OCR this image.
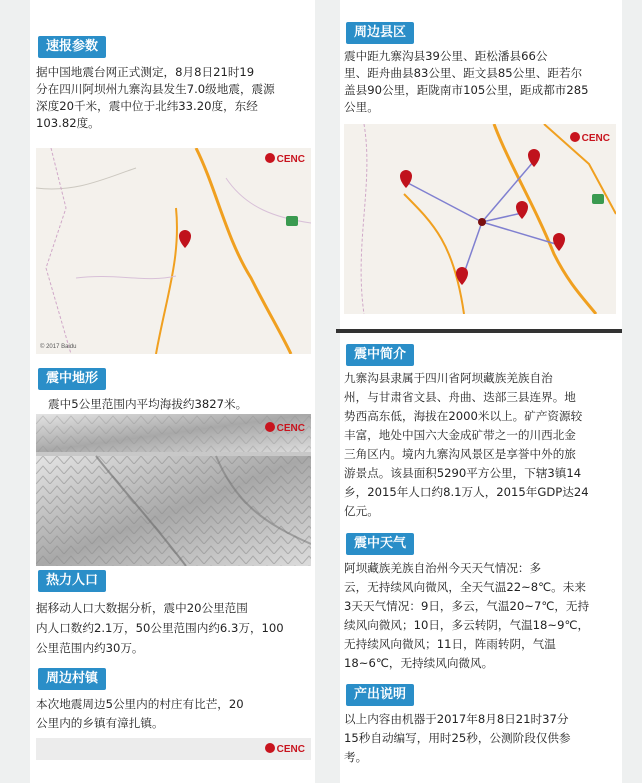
速报参数

据中国地震台网正式测定，8月8日21时19

分在四川阿坝州九寨沟县发生7.0级地震，震源

深度20千米，震中位于北纬33.20度，东经

103.82度。

CENC
© 2017 Baidu
震中地形

震中5公里范围内平均海拔约3827米。

CENC
热力人口

据移动人口大数据分析，震中20公里范围

内人口数约2.1万，50公里范围内约6.3万，100

公里范围内约30万。

周边村镇

本次地震周边5公里内的村庄有比芒，20

公里内的乡镇有漳扎镇。

CENC
周边县区

震中距九寨沟县39公里、距松潘县66公

里、距舟曲县83公里、距文县85公里、距若尔

盖县90公里，距陇南市105公里，距成都市285

公里。

CENC
震中简介

九寨沟县隶属于四川省阿坝藏族羌族自治

州，与甘肃省文县、舟曲、迭部三县连界。地

势西高东低，海拔在2000米以上。矿产资源较

丰富，地处中国六大金成矿带之一的川西北金

三角区内。境内九寨沟风景区是享誉中外的旅

游景点。该县面积5290平方公里，下辖3镇14

乡，2015年人口约8.1万人，2015年GDP达24

亿元。

震中天气

阿坝藏族羌族自治州今天天气情况：多

云，无持续风向微风，全天气温22~8℃。未来

3天天气情况：9日，多云，气温20~7℃，无持

续风向微风；10日，多云转阴，气温18~9℃，

无持续风向微风；11日，阵雨转阴，气温

18~6℃，无持续风向微风。

产出说明

以上内容由机器于2017年8月8日21时37分

15秒自动编写，用时25秒，公测阶段仅供参

考。
